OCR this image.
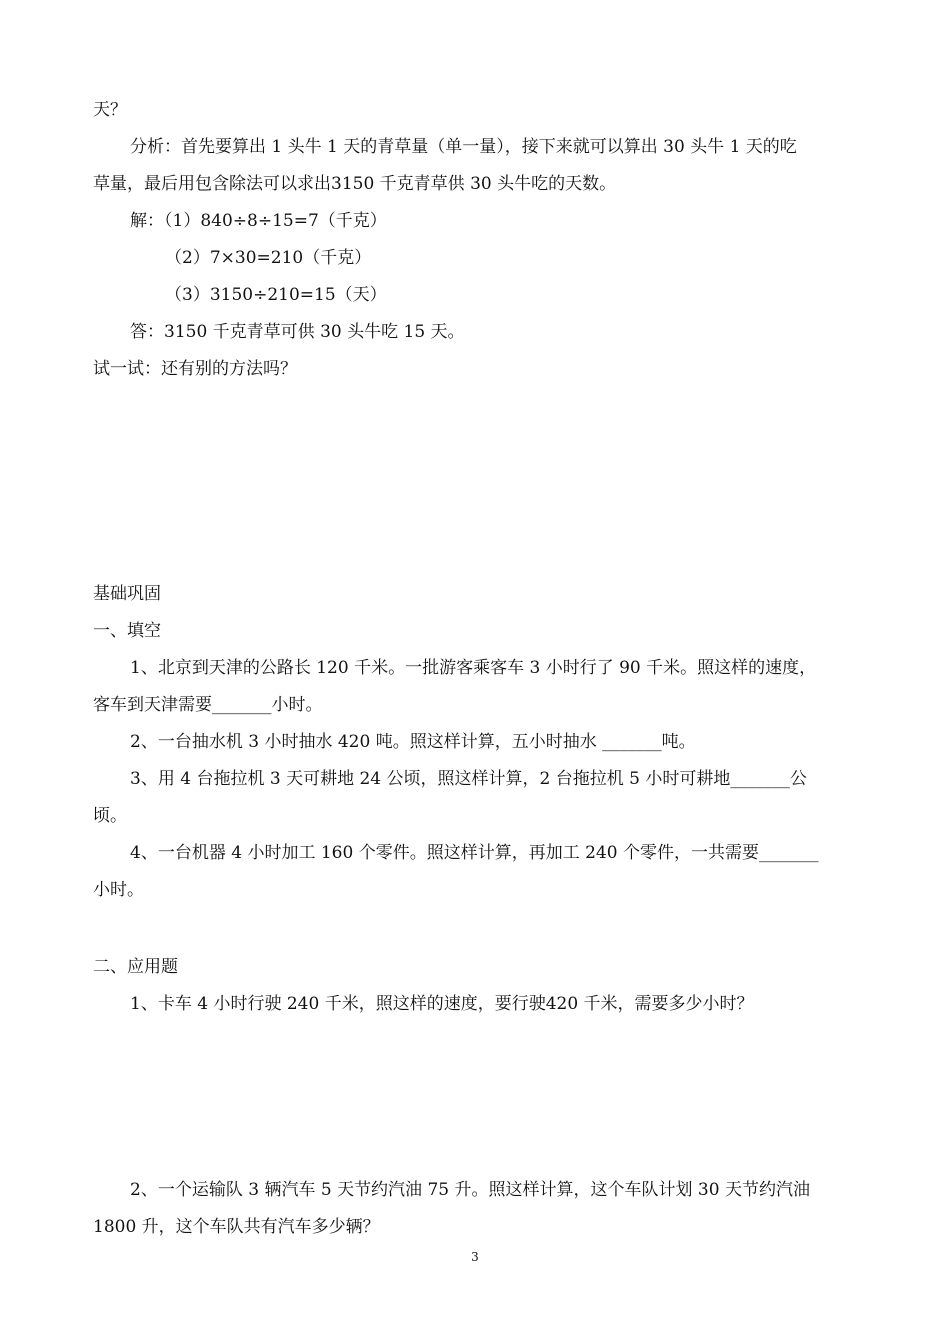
天？
分析：首先要算出 1 头牛 1 天的青草量（单一量），接下来就可以算出 30 头牛 1 天的吃
草量，最后用包含除法可以求出3150 千克青草供 30 头牛吃的天数。
解：（1）840÷8÷15=7（千克）
（2）7×30=210（千克）
（3）3150÷210=15（天）
答：3150 千克青草可供 30 头牛吃 15 天。
试一试：还有别的方法吗？
基础巩固
一、填空
1、北京到天津的公路长 120 千米。一批游客乘客车 3 小时行了 90 千米。照这样的速度，
客车到天津需要_______小时。
2、一台抽水机 3 小时抽水 420 吨。照这样计算，五小时抽水 _______吨。
3、用 4 台拖拉机 3 天可耕地 24 公顷，照这样计算，2 台拖拉机 5 小时可耕地_______公
顷。
4、一台机器 4 小时加工 160 个零件。照这样计算，再加工 240 个零件，一共需要_______
小时。
二、应用题
1、卡车 4 小时行驶 240 千米，照这样的速度，要行驶420 千米，需要多少小时？
2、一个运输队 3 辆汽车 5 天节约汽油 75 升。照这样计算，这个车队计划 30 天节约汽油
1800 升，这个车队共有汽车多少辆？
3
